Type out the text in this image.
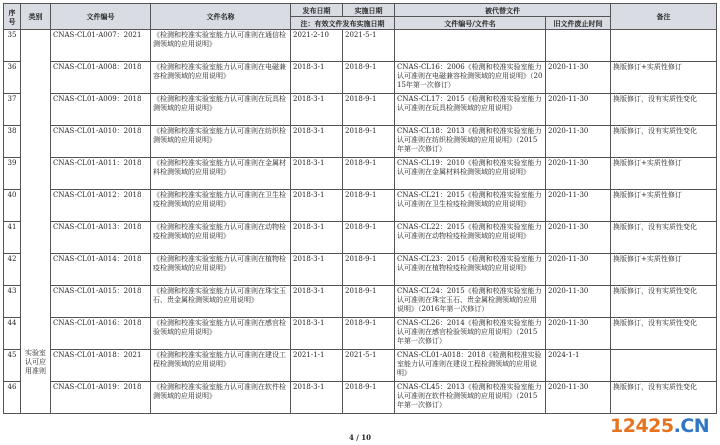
序号	类别	文件编号	文件名称	发布日期	实施日期	被代替文件		备注
				注：有效文件发布实施日期		文件编号/文件名	旧文件废止时间	
35	实验室认可应用准则	CNAS-CL01-A007：2021	《检测和校准实验室能力认可准则在通信检测领域的应用说明》	2021-2-10	2021-5-1			
36		CNAS-CL01-A008：2018	《检测和校准实验室能力认可准则在电磁兼容检测领域的应用说明》	2018-3-1	2018-9-1	CNAS-CL16：2006《检测和校准实验室能力认可准则在电磁兼容检测领域的应用说明》（2015年第一次修订）	2020-11-30	换版修订+实质性修订
37		CNAS-CL01-A009：2018	《检测和校准实验室能力认可准则在玩具检测领域的应用说明》	2018-3-1	2018-9-1	CNAS-CL17：2015《检测和校准实验室能力认可准则在玩具检测领域的应用说明》	2020-11-30	换版修订，没有实质性变化
38		CNAS-CL01-A010：2018	《检测和校准实验室能力认可准则在纺织检测领域的应用说明》	2018-3-1	2018-9-1	CNAS-CL18：2013《检测和校准实验室能力认可准则在纺织检测领域的应用说明》（2015年第一次修订）	2020-11-30	换版修订，没有实质性变化
39		CNAS-CL01-A011：2018	《检测和校准实验室能力认可准则在金属材料检测领域的应用说明》	2018-3-1	2018-9-1	CNAS-CL19：2010《检测和校准实验室能力认可准则在金属材料检测领域的应用说明》	2020-11-30	换版修订+实质性修订
40		CNAS-CL01-A012：2018	《检测和校准实验室能力认可准则在卫生检疫检测领域的应用说明》	2018-3-1	2018-9-1	CNAS-CL21：2015《检测和校准实验室能力认可准则在卫生检疫检测领域的应用说明》	2020-11-30	换版修订+实质性修订
41		CNAS-CL01-A013：2018	《检测和校准实验室能力认可准则在动物检疫检测领域的应用说明》	2018-3-1	2018-9-1	CNAS-CL22：2015《检测和校准实验室能力认可准则在动物检疫检测领域的应用说明》	2020-11-30	换版修订，没有实质性变化
42		CNAS-CL01-A014：2018	《检测和校准实验室能力认可准则在植物检疫检测领域的应用说明》	2018-3-1	2018-9-1	CNAS-CL23：2015《检测和校准实验室能力认可准则在植物检疫检测领域的应用说明》	2020-11-30	换版修订+实质性修订
43		CNAS-CL01-A015：2018	《检测和校准实验室能力认可准则在珠宝玉石、贵金属检测领域的应用说明》	2018-3-1	2018-9-1	CNAS-CL24：2015《检测和校准实验室能力认可准则在珠宝玉石、贵金属检测领域的应用说明》（2016年第一次修订）	2020-11-30	换版修订，没有实质性变化
44		CNAS-CL01-A016：2018	《检测和校准实验室能力认可准则在感官检验领域的应用说明》	2018-3-1	2018-9-1	CNAS-CL26：2014《检测和校准实验室能力认可准则在感官检验领域的应用说明》（2015年第一次修订）	2020-11-30	换版修订，没有实质性变化
45		CNAS-CL01-A018：2021	《检测和校准实验室能力认可准则在建设工程检测领域的应用说明》	2021-1-1	2021-5-1	CNAS-CL01-A018：2018《检测和校准实验室能力认可准则在建设工程检测领域的应用说明》	2024-1-1	
46		CNAS-CL01-A019：2018	《检测和校准实验室能力认可准则在软件检测领域的应用说明》	2018-3-1	2018-9-1	CNAS-CL45：2013《检测和校准实验室能力认可准则在软件检测领域的应用说明》（2015年第一次修订）	2020-11-30	换版修订，没有实质性变化
4 / 10
12425.CN
